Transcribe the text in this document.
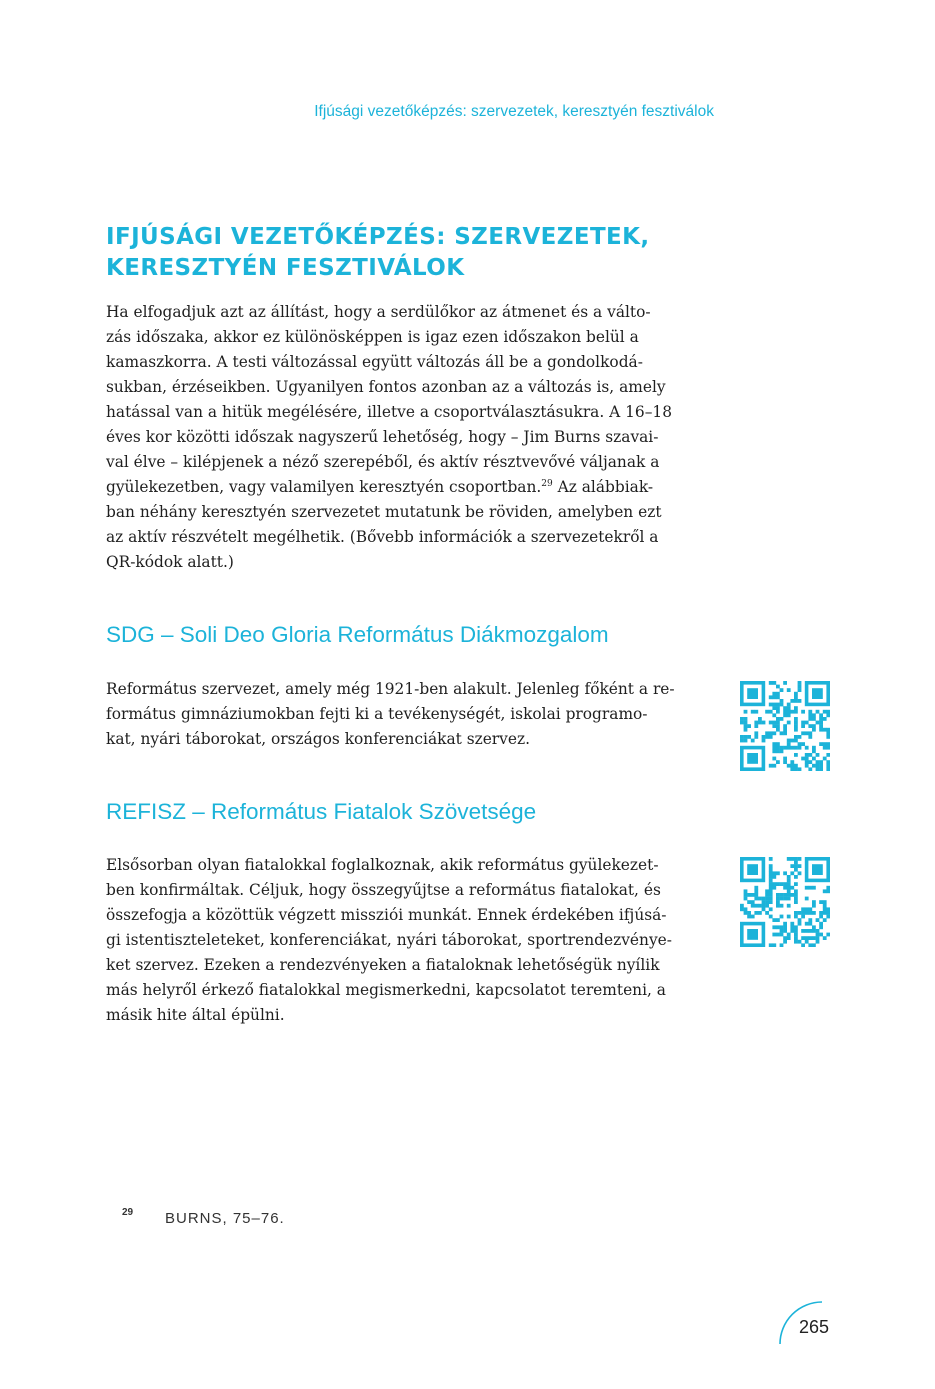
Ifjúsági vezetőképzés: szervezetek, keresztyén fesztiválok
IFJÚSÁGI VEZETŐKÉPZÉS: SZERVEZETEK,
KERESZTYÉN FESZTIVÁLOK
Ha elfogadjuk azt az állítást, hogy a serdülőkor az átmenet és a válto-
zás időszaka, akkor ez különösképpen is igaz ezen időszakon belül a
kamaszkorra. A testi változással együtt változás áll be a gondolkodá-
sukban, érzéseikben. Ugyanilyen fontos azonban az a változás is, amely
hatással van a hitük megélésére, illetve a csoportválasztásukra. A 16–18
éves kor közötti időszak nagyszerű lehetőség, hogy – Jim Burns szavai-
val élve – kilépjenek a néző szerepéből, és aktív résztvevővé váljanak a
gyülekezetben, vagy valamilyen keresztyén csoportban.$^{29}$ Az alábbiak-
ban néhány keresztyén szervezetet mutatunk be röviden, amelyben ezt
az aktív részvételt megélhetik. (Bővebb információk a szervezetekről a
QR-kódok alatt.)
SDG – Soli Deo Gloria Református Diákmozgalom
Református szervezet, amely még 1921-ben alakult. Jelenleg főként a re-
formátus gimnáziumokban fejti ki a tevékenységét, iskolai programo-
kat, nyári táborokat, országos konferenciákat szervez.
REFISZ – Református Fiatalok Szövetsége
Elsősorban olyan fiatalokkal foglalkoznak, akik református gyülekezet-
ben konfirmáltak. Céljuk, hogy összegyűjtse a református fiatalokat, és
összefogja a közöttük végzett missziói munkát. Ennek érdekében ifjúsá-
gi istentiszteleteket, konferenciákat, nyári táborokat, sportrendezvénye-
ket szervez. Ezeken a rendezvényeken a fiataloknak lehetőségük nyílik
más helyről érkező fiatalokkal megismerkedni, kapcsolatot teremteni, a
másik hite által épülni.
29 BURNS, 75–76.
265
